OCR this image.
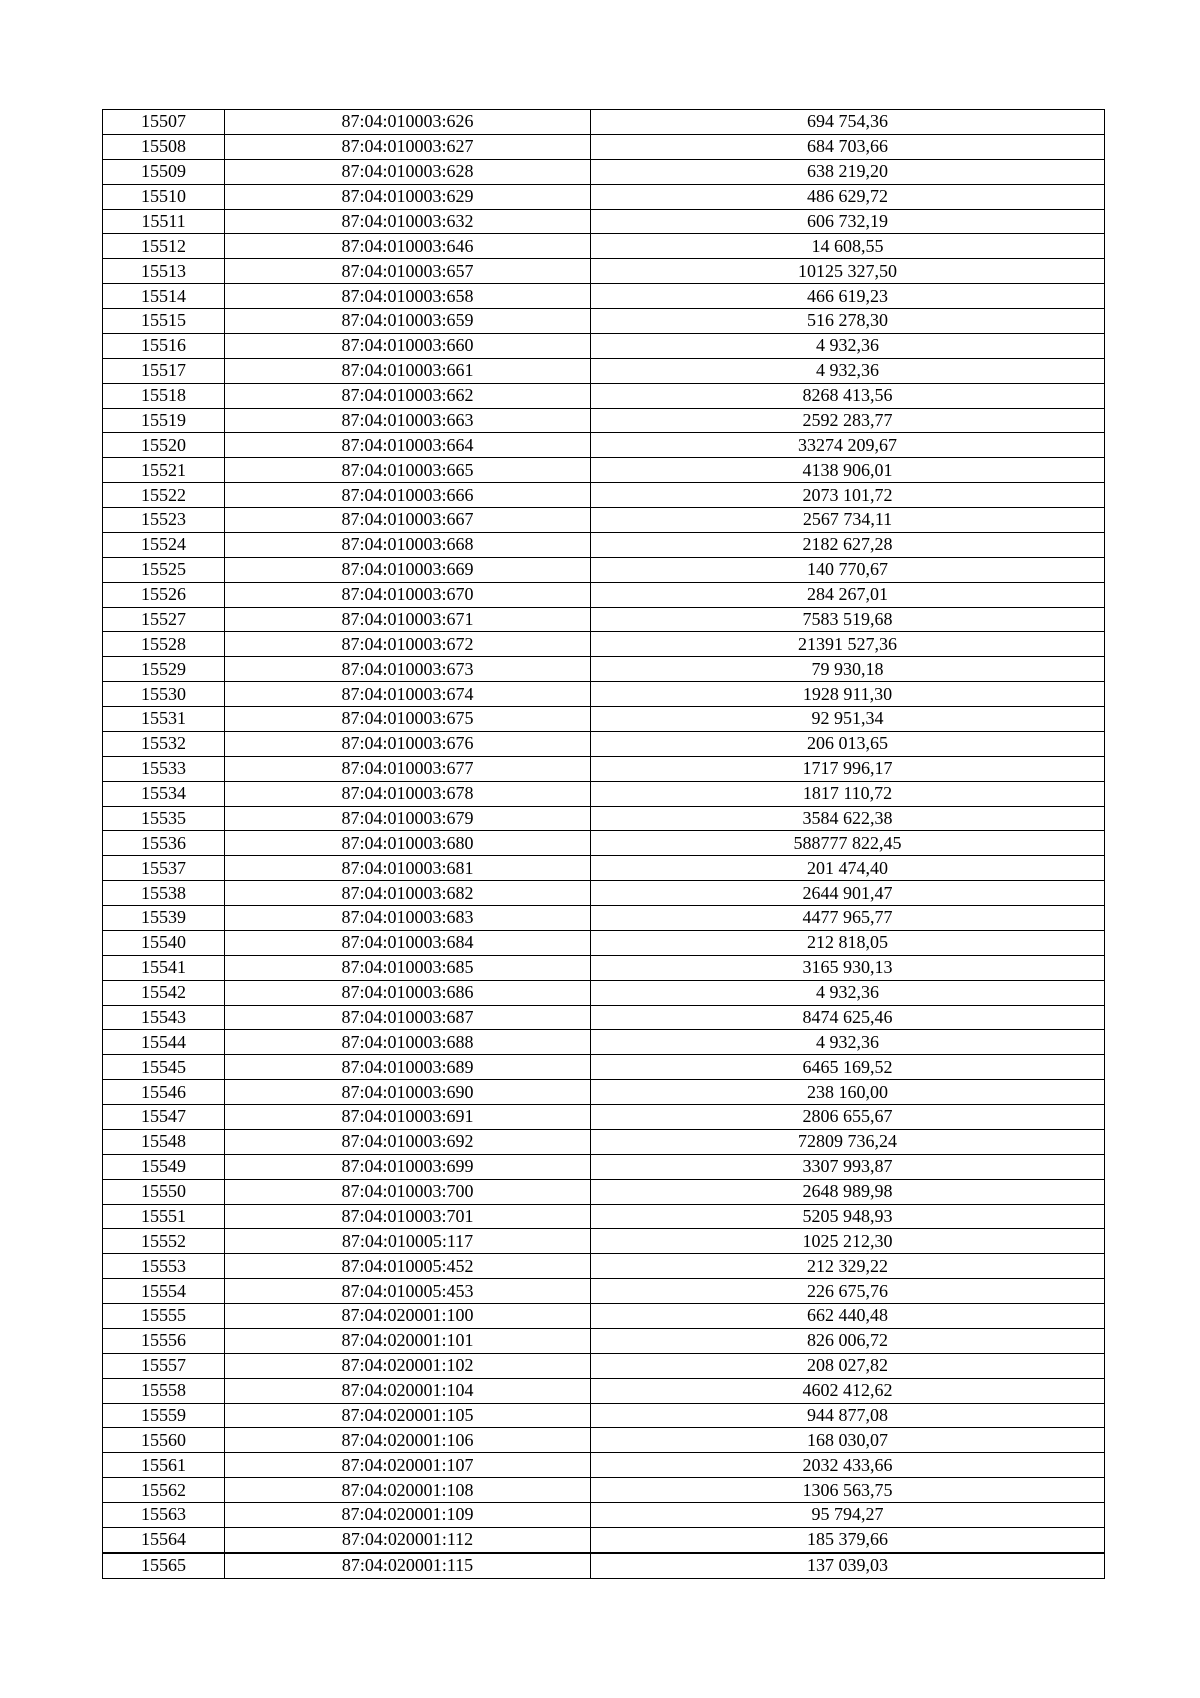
15507	87:04:010003:626	694 754,36
15508	87:04:010003:627	684 703,66
15509	87:04:010003:628	638 219,20
15510	87:04:010003:629	486 629,72
15511	87:04:010003:632	606 732,19
15512	87:04:010003:646	14 608,55
15513	87:04:010003:657	10125 327,50
15514	87:04:010003:658	466 619,23
15515	87:04:010003:659	516 278,30
15516	87:04:010003:660	4 932,36
15517	87:04:010003:661	4 932,36
15518	87:04:010003:662	8268 413,56
15519	87:04:010003:663	2592 283,77
15520	87:04:010003:664	33274 209,67
15521	87:04:010003:665	4138 906,01
15522	87:04:010003:666	2073 101,72
15523	87:04:010003:667	2567 734,11
15524	87:04:010003:668	2182 627,28
15525	87:04:010003:669	140 770,67
15526	87:04:010003:670	284 267,01
15527	87:04:010003:671	7583 519,68
15528	87:04:010003:672	21391 527,36
15529	87:04:010003:673	79 930,18
15530	87:04:010003:674	1928 911,30
15531	87:04:010003:675	92 951,34
15532	87:04:010003:676	206 013,65
15533	87:04:010003:677	1717 996,17
15534	87:04:010003:678	1817 110,72
15535	87:04:010003:679	3584 622,38
15536	87:04:010003:680	588777 822,45
15537	87:04:010003:681	201 474,40
15538	87:04:010003:682	2644 901,47
15539	87:04:010003:683	4477 965,77
15540	87:04:010003:684	212 818,05
15541	87:04:010003:685	3165 930,13
15542	87:04:010003:686	4 932,36
15543	87:04:010003:687	8474 625,46
15544	87:04:010003:688	4 932,36
15545	87:04:010003:689	6465 169,52
15546	87:04:010003:690	238 160,00
15547	87:04:010003:691	2806 655,67
15548	87:04:010003:692	72809 736,24
15549	87:04:010003:699	3307 993,87
15550	87:04:010003:700	2648 989,98
15551	87:04:010003:701	5205 948,93
15552	87:04:010005:117	1025 212,30
15553	87:04:010005:452	212 329,22
15554	87:04:010005:453	226 675,76
15555	87:04:020001:100	662 440,48
15556	87:04:020001:101	826 006,72
15557	87:04:020001:102	208 027,82
15558	87:04:020001:104	4602 412,62
15559	87:04:020001:105	944 877,08
15560	87:04:020001:106	168 030,07
15561	87:04:020001:107	2032 433,66
15562	87:04:020001:108	1306 563,75
15563	87:04:020001:109	95 794,27
15564	87:04:020001:112	185 379,66
15565	87:04:020001:115	137 039,03
